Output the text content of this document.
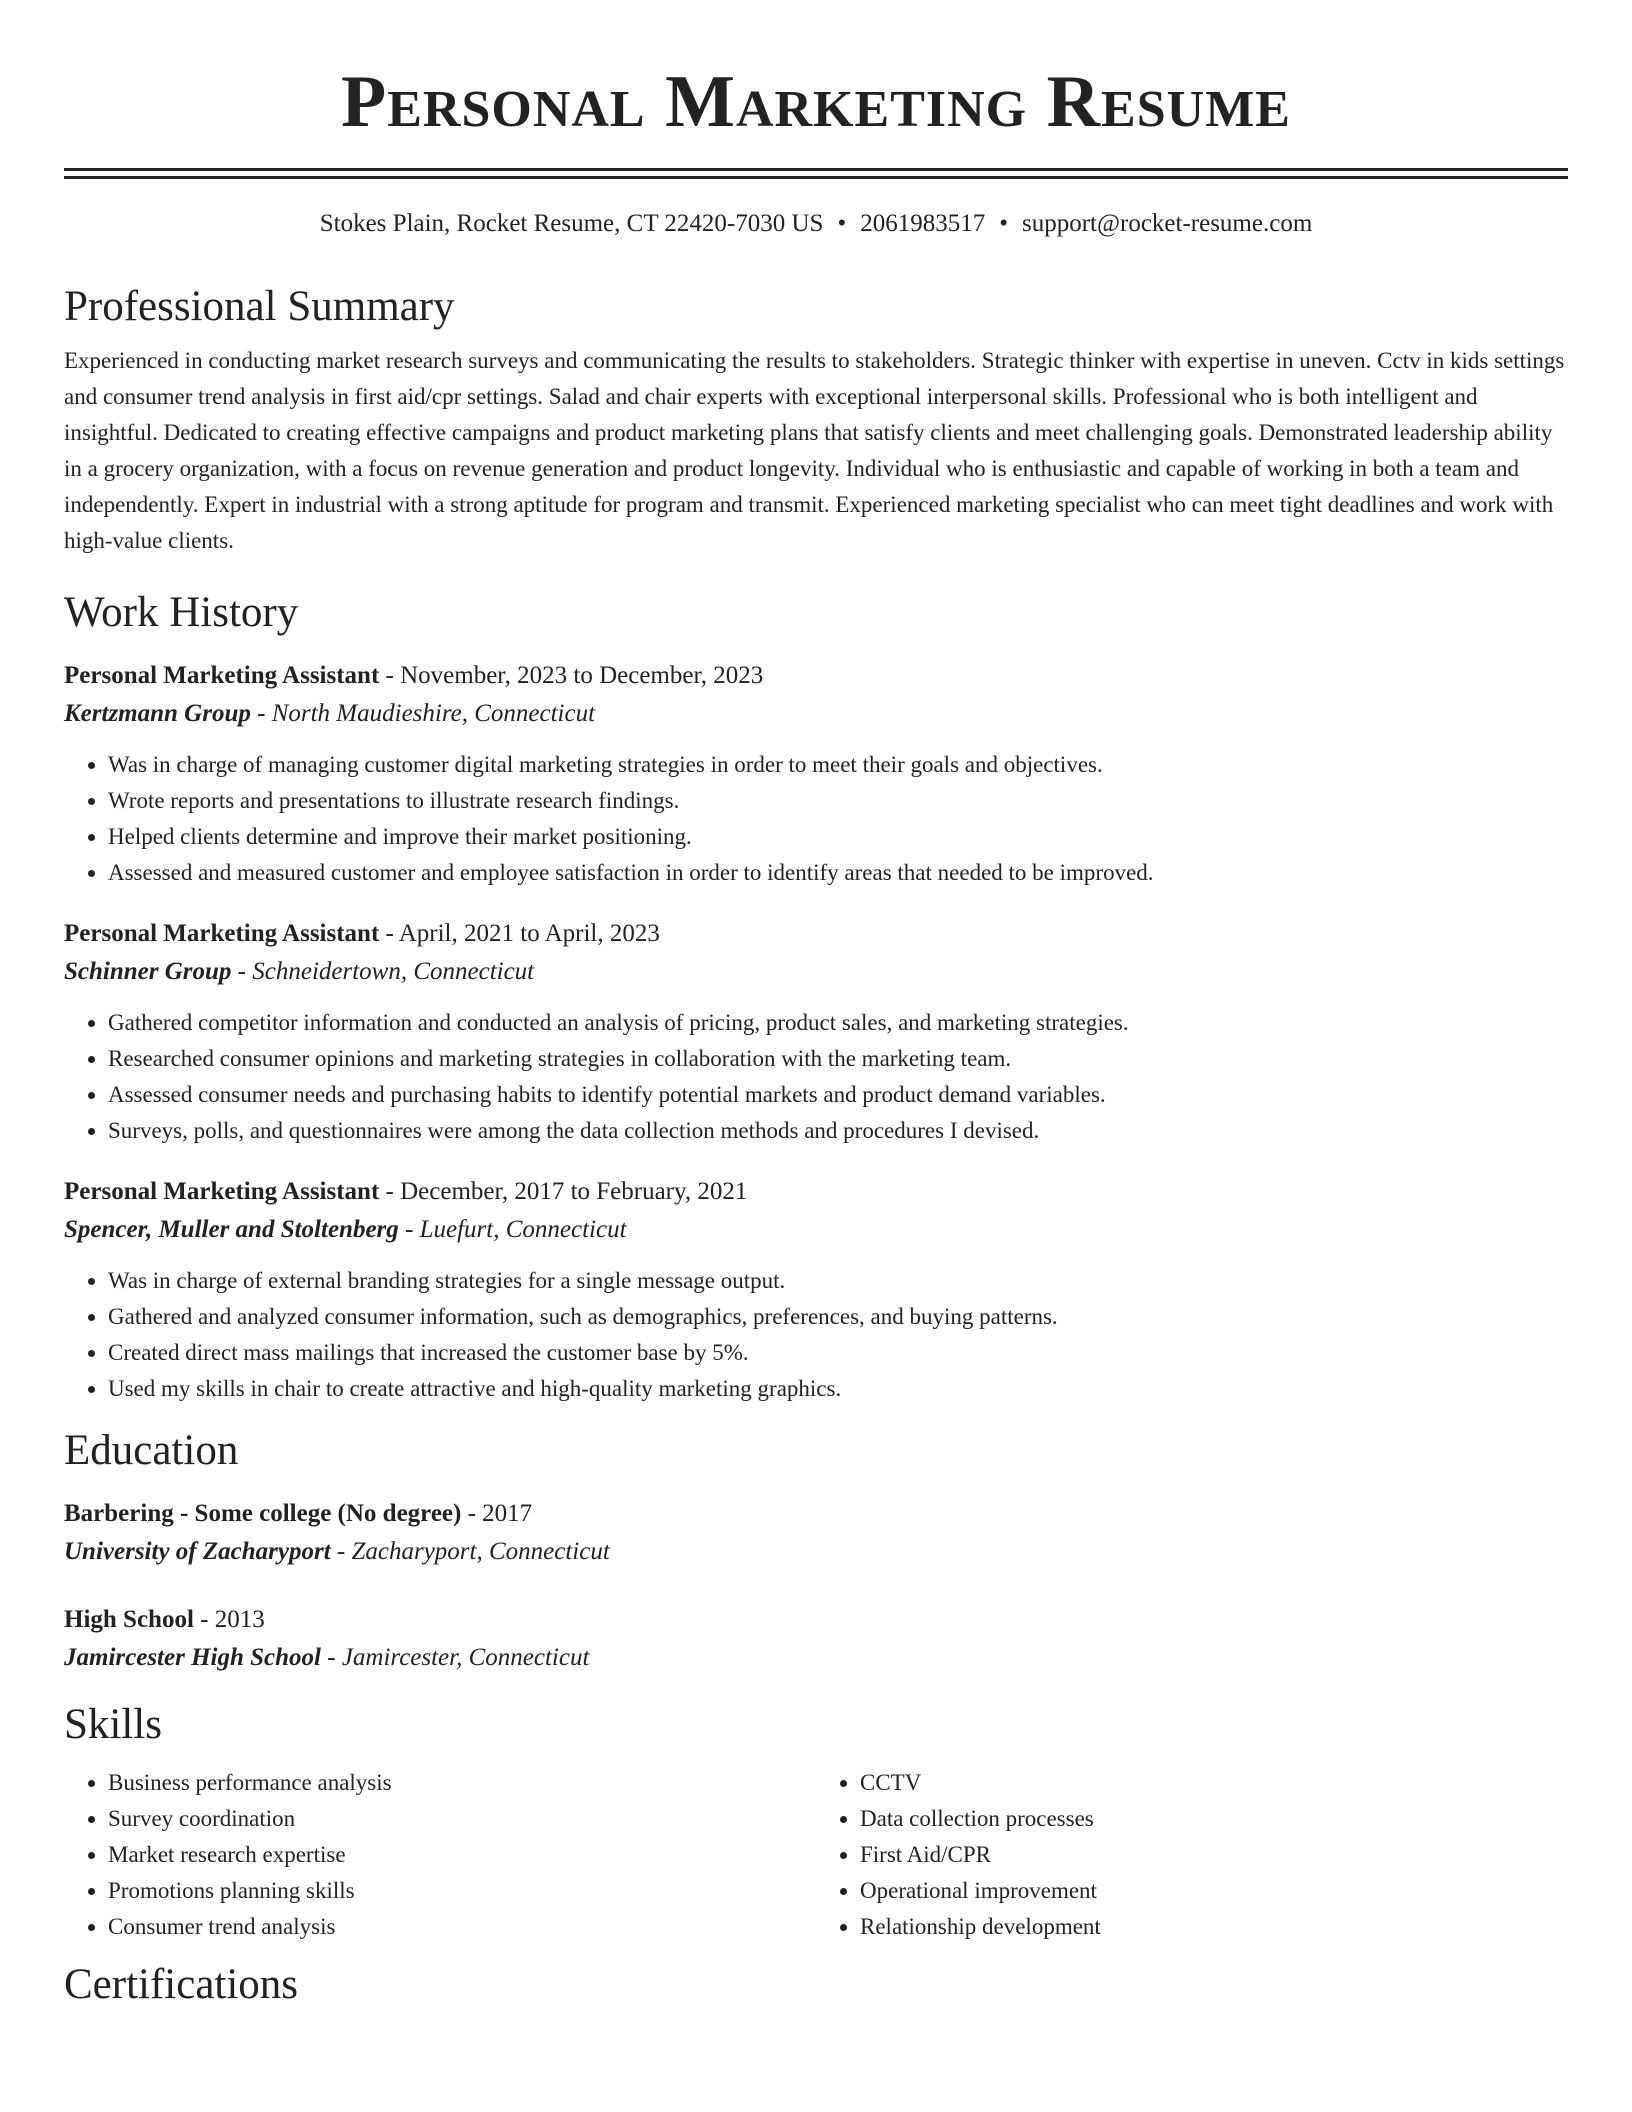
Personal Marketing Resume
Stokes Plain, Rocket Resume, CT 22420-7030 US • 2061983517 • support@rocket-resume.com
Professional Summary

Experienced in conducting market research surveys and communicating the results to stakeholders. Strategic thinker with expertise in uneven. Cctv in kids settings and consumer trend analysis in first aid/cpr settings. Salad and chair experts with exceptional interpersonal skills. Professional who is both intelligent and insightful. Dedicated to creating effective campaigns and product marketing plans that satisfy clients and meet challenging goals. Demonstrated leadership ability in a grocery organization, with a focus on revenue generation and product longevity. Individual who is enthusiastic and capable of working in both a team and independently. Expert in industrial with a strong aptitude for program and transmit. Experienced marketing specialist who can meet tight deadlines and work with high-value clients.

Work History
Personal Marketing Assistant - November, 2023 to December, 2023
Kertzmann Group - North Maudieshire, Connecticut
• Was in charge of managing customer digital marketing strategies in order to meet their goals and objectives.
• Wrote reports and presentations to illustrate research findings.
• Helped clients determine and improve their market positioning.
• Assessed and measured customer and employee satisfaction in order to identify areas that needed to be improved.
Personal Marketing Assistant - April, 2021 to April, 2023
Schinner Group - Schneidertown, Connecticut
• Gathered competitor information and conducted an analysis of pricing, product sales, and marketing strategies.
• Researched consumer opinions and marketing strategies in collaboration with the marketing team.
• Assessed consumer needs and purchasing habits to identify potential markets and product demand variables.
• Surveys, polls, and questionnaires were among the data collection methods and procedures I devised.
Personal Marketing Assistant - December, 2017 to February, 2021
Spencer, Muller and Stoltenberg - Luefurt, Connecticut
• Was in charge of external branding strategies for a single message output.
• Gathered and analyzed consumer information, such as demographics, preferences, and buying patterns.
• Created direct mass mailings that increased the customer base by 5%.
• Used my skills in chair to create attractive and high-quality marketing graphics.
Education
Barbering - Some college (No degree) - 2017
University of Zacharyport - Zacharyport, Connecticut
High School - 2013
Jamircester High School - Jamircester, Connecticut
Skills
• Business performance analysis
• Survey coordination
• Market research expertise
• Promotions planning skills
• Consumer trend analysis
• CCTV
• Data collection processes
• First Aid/CPR
• Operational improvement
• Relationship development
Certifications
